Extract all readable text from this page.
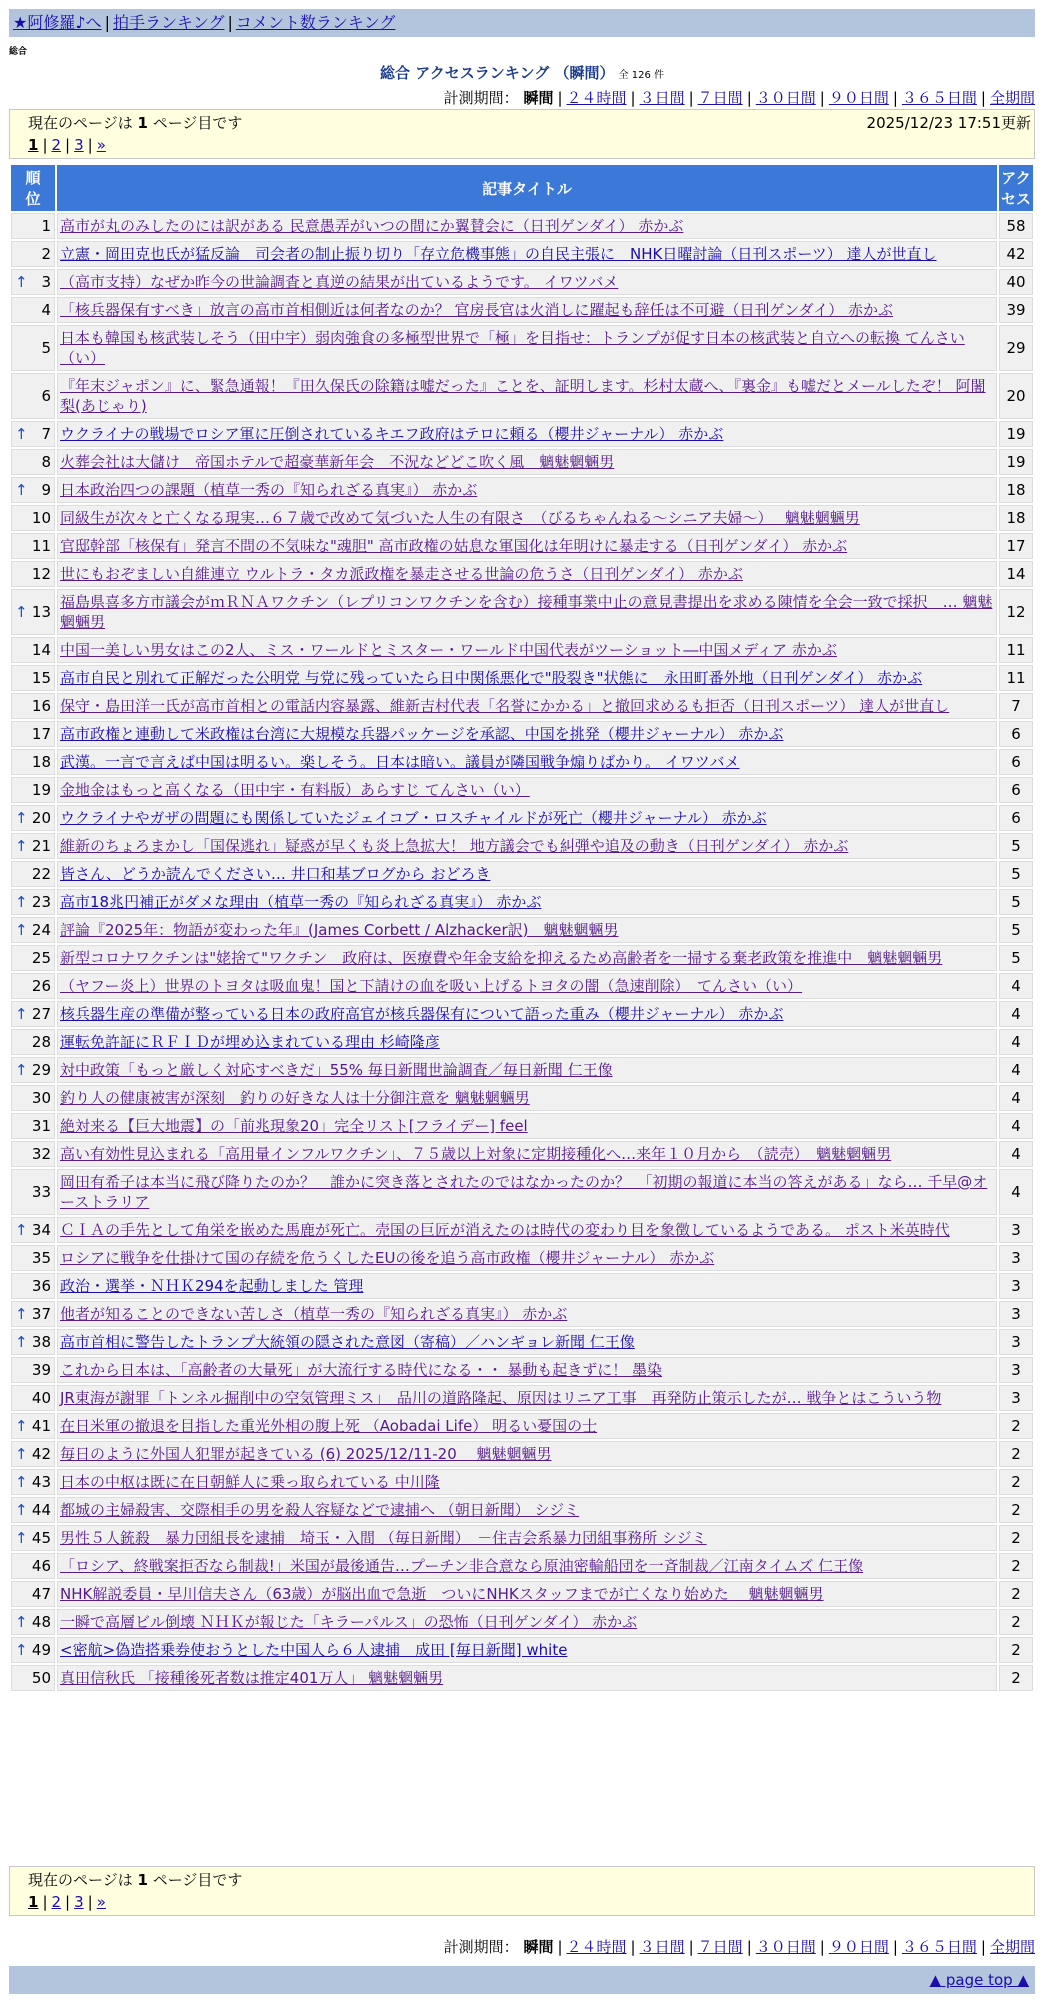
★阿修羅♪へ | 拍手ランキング | コメント数ランキング
総合
総合 アクセスランキング （瞬間） 全 126 件
計測期間： 瞬間 | ２４時間 | ３日間 | ７日間 | ３０日間 | ９０日間 | ３６５日間 | 全期間
現在のページは 1 ページ目です	2025/12/23 17:51更新
1 | 2 | 3 | »
順
位	記事タイトル	アク
セス
1	高市が丸のみしたのには訳がある 民意愚弄がいつの間にか翼賛会に（日刊ゲンダイ） 赤かぶ	58
2	立憲・岡田克也氏が猛反論　司会者の制止振り切り「存立危機事態」の自民主張に　NHK日曜討論（日刊スポーツ） 達人が世直し	42

↑ 3	（高市支持）なぜか昨今の世論調査と真逆の結果が出ているようです。 イワツバメ	40
4	「核兵器保有すべき」放言の高市首相側近は何者なのか？ 官房長官は火消しに躍起も辞任は不可避（日刊ゲンダイ） 赤かぶ	39
5	日本も韓国も核武装しそう（田中宇）弱肉強食の多極型世界で「極」を目指せ：トランプが促す日本の核武装と自立への転換 てんさい（い）	29
6	『年末ジャポン』に、緊急通報！『田久保氏の除籍は嘘だった』ことを、証明します。杉村太蔵へ、『裏金』も嘘だとメールしたぞ！ 阿闍梨(あじゃり)	20

↑ 7	ウクライナの戦場でロシア軍に圧倒されているキエフ政府はテロに頼る（櫻井ジャーナル） 赤かぶ	19
8	火葬会社は大儲け　帝国ホテルで超豪華新年会　不況などどこ吹く風　魑魅魍魎男	19

↑ 9	日本政治四つの課題（植草一秀の『知られざる真実』） 赤かぶ	18
10	同級生が次々と亡くなる現実…６７歳で改めて気づいた人生の有限さ　（びるちゃんねる～シニア夫婦～）　 魑魅魍魎男	18
11	官邸幹部「核保有」発言不問の不気味な"魂胆" 高市政権の姑息な軍国化は年明けに暴走する（日刊ゲンダイ） 赤かぶ	17
12	世にもおぞましい自維連立 ウルトラ・タカ派政権を暴走させる世論の危うさ（日刊ゲンダイ） 赤かぶ	14

↑ 13	福島県喜多方市議会がｍＲＮＡワクチン（レプリコンワクチンを含む）接種事業中止の意見書提出を求める陳情を全会一致で採択　… 魑魅魍魎男	12
14	中国一美しい男女はこの2人、ミス・ワールドとミスター・ワールド中国代表がツーショット―中国メディア 赤かぶ	11
15	高市自民と別れて正解だった公明党 与党に残っていたら日中関係悪化で"股裂き"状態に　永田町番外地（日刊ゲンダイ） 赤かぶ	11
16	保守・島田洋一氏が高市首相との電話内容暴露、維新吉村代表「名誉にかかる」と撤回求めるも拒否（日刊スポーツ） 達人が世直し	7
17	高市政権と連動して米政権は台湾に大規模な兵器パッケージを承認、中国を挑発（櫻井ジャーナル） 赤かぶ	6
18	武漢。一言で言えば中国は明るい。楽しそう。日本は暗い。議員が隣国戦争煽りばかり。 イワツバメ	6
19	金地金はもっと高くなる（田中宇・有料版）あらすじ てんさい（い）	6

↑ 20	ウクライナやガザの問題にも関係していたジェイコブ・ロスチャイルドが死亡（櫻井ジャーナル） 赤かぶ	6

↑ 21	維新のちょろまかし「国保逃れ」疑惑が早くも炎上急拡大！ 地方議会でも糾弾や追及の動き（日刊ゲンダイ） 赤かぶ	5
22	皆さん、どうか読んでください… 井口和基ブログから おどろき	5

↑ 23	高市18兆円補正がダメな理由（植草一秀の『知られざる真実』） 赤かぶ	5

↑ 24	評論『2025年：物語が変わった年』(James Corbett / Alzhacker訳)　魑魅魍魎男	5
25	新型コロナワクチンは"姥捨て"ワクチン　政府は、医療費や年金支給を抑えるため高齢者を一掃する棄老政策を推進中　魑魅魍魎男	5
26	（ヤフー炎上）世界のトヨタは吸血鬼！国と下請けの血を吸い上げるトヨタの闇（急速削除）　てんさい（い）	4

↑ 27	核兵器生産の準備が整っている日本の政府高官が核兵器保有について語った重み（櫻井ジャーナル） 赤かぶ	4
28	運転免許証にＲＦＩＤが埋め込まれている理由 杉崎隆彦	4

↑ 29	対中政策「もっと厳しく対応すべきだ」55% 毎日新聞世論調査／毎日新聞 仁王像	4
30	釣り人の健康被害が深刻　釣りの好きな人は十分御注意を 魑魅魍魎男	4
31	絶対来る【巨大地震】の「前兆現象20」完全リスト[フライデー] feel	4
32	高い有効性見込まれる「高用量インフルワクチン」、７５歳以上対象に定期接種化へ…来年１０月から　（読売）　魑魅魍魎男	4
33	岡田有希子は本当に飛び降りたのか？　誰かに突き落とされたのではなかったのか？　「初期の報道に本当の答えがある」なら… 千早@オーストラリア	4

↑ 34	ＣＩＡの手先として角栄を嵌めた馬鹿が死亡。売国の巨匠が消えたのは時代の変わり目を象徴しているようである。 ポスト米英時代	3
35	ロシアに戦争を仕掛けて国の存続を危うくしたEUの後を追う高市政権（櫻井ジャーナル） 赤かぶ	3
36	政治・選挙・ＮＨＫ294を起動しました 管理	3

↑ 37	他者が知ることのできない苦しさ（植草一秀の『知られざる真実』） 赤かぶ	3

↑ 38	高市首相に警告したトランプ大統領の隠された意図（寄稿）／ハンギョレ新聞 仁王像	3
39	これから日本は、「高齢者の大量死」が大流行する時代になる・・ 暴動も起きずに！ 墨染	3
40	JR東海が謝罪「トンネル掘削中の空気管理ミス」　品川の道路隆起、原因はリニア工事　再発防止策示したが… 戦争とはこういう物	3

↑ 41	在日米軍の撤退を目指した重光外相の腹上死 （Aobadai Life） 明るい憂国の士	2

↑ 42	毎日のように外国人犯罪が起きている (6) 2025/12/11-20　 魑魅魍魎男	2

↑ 43	日本の中枢は既に在日朝鮮人に乗っ取られている 中川隆	2

↑ 44	都城の主婦殺害、交際相手の男を殺人容疑などで逮捕へ （朝日新聞） シジミ	2

↑ 45	男性５人銃殺　暴力団組長を逮捕　埼玉・入間 （毎日新聞）　－住吉会系暴力団組事務所 シジミ	2
46	「ロシア、終戦案拒否なら制裁!」米国が最後通告…プーチン非合意なら原油密輸船団を一斉制裁／江南タイムズ 仁王像	2
47	NHK解説委員・早川信夫さん（63歳）が脳出血で急逝　ついにNHKスタッフまでが亡くなり始めた　 魑魅魍魎男	2

↑ 48	一瞬で高層ビル倒壊 ＮＨＫが報じた「キラーパルス」の恐怖（日刊ゲンダイ） 赤かぶ	2

↑ 49	<密航>偽造搭乗券使おうとした中国人ら６人逮捕　成田 [毎日新聞] white	2
50	真田信秋氏 「接種後死者数は推定401万人」 魑魅魍魎男	2
現在のページは 1 ページ目です
1 | 2 | 3 | »
計測期間： 瞬間 | ２４時間 | ３日間 | ７日間 | ３０日間 | ９０日間 | ３６５日間 | 全期間
▲ page top ▲
